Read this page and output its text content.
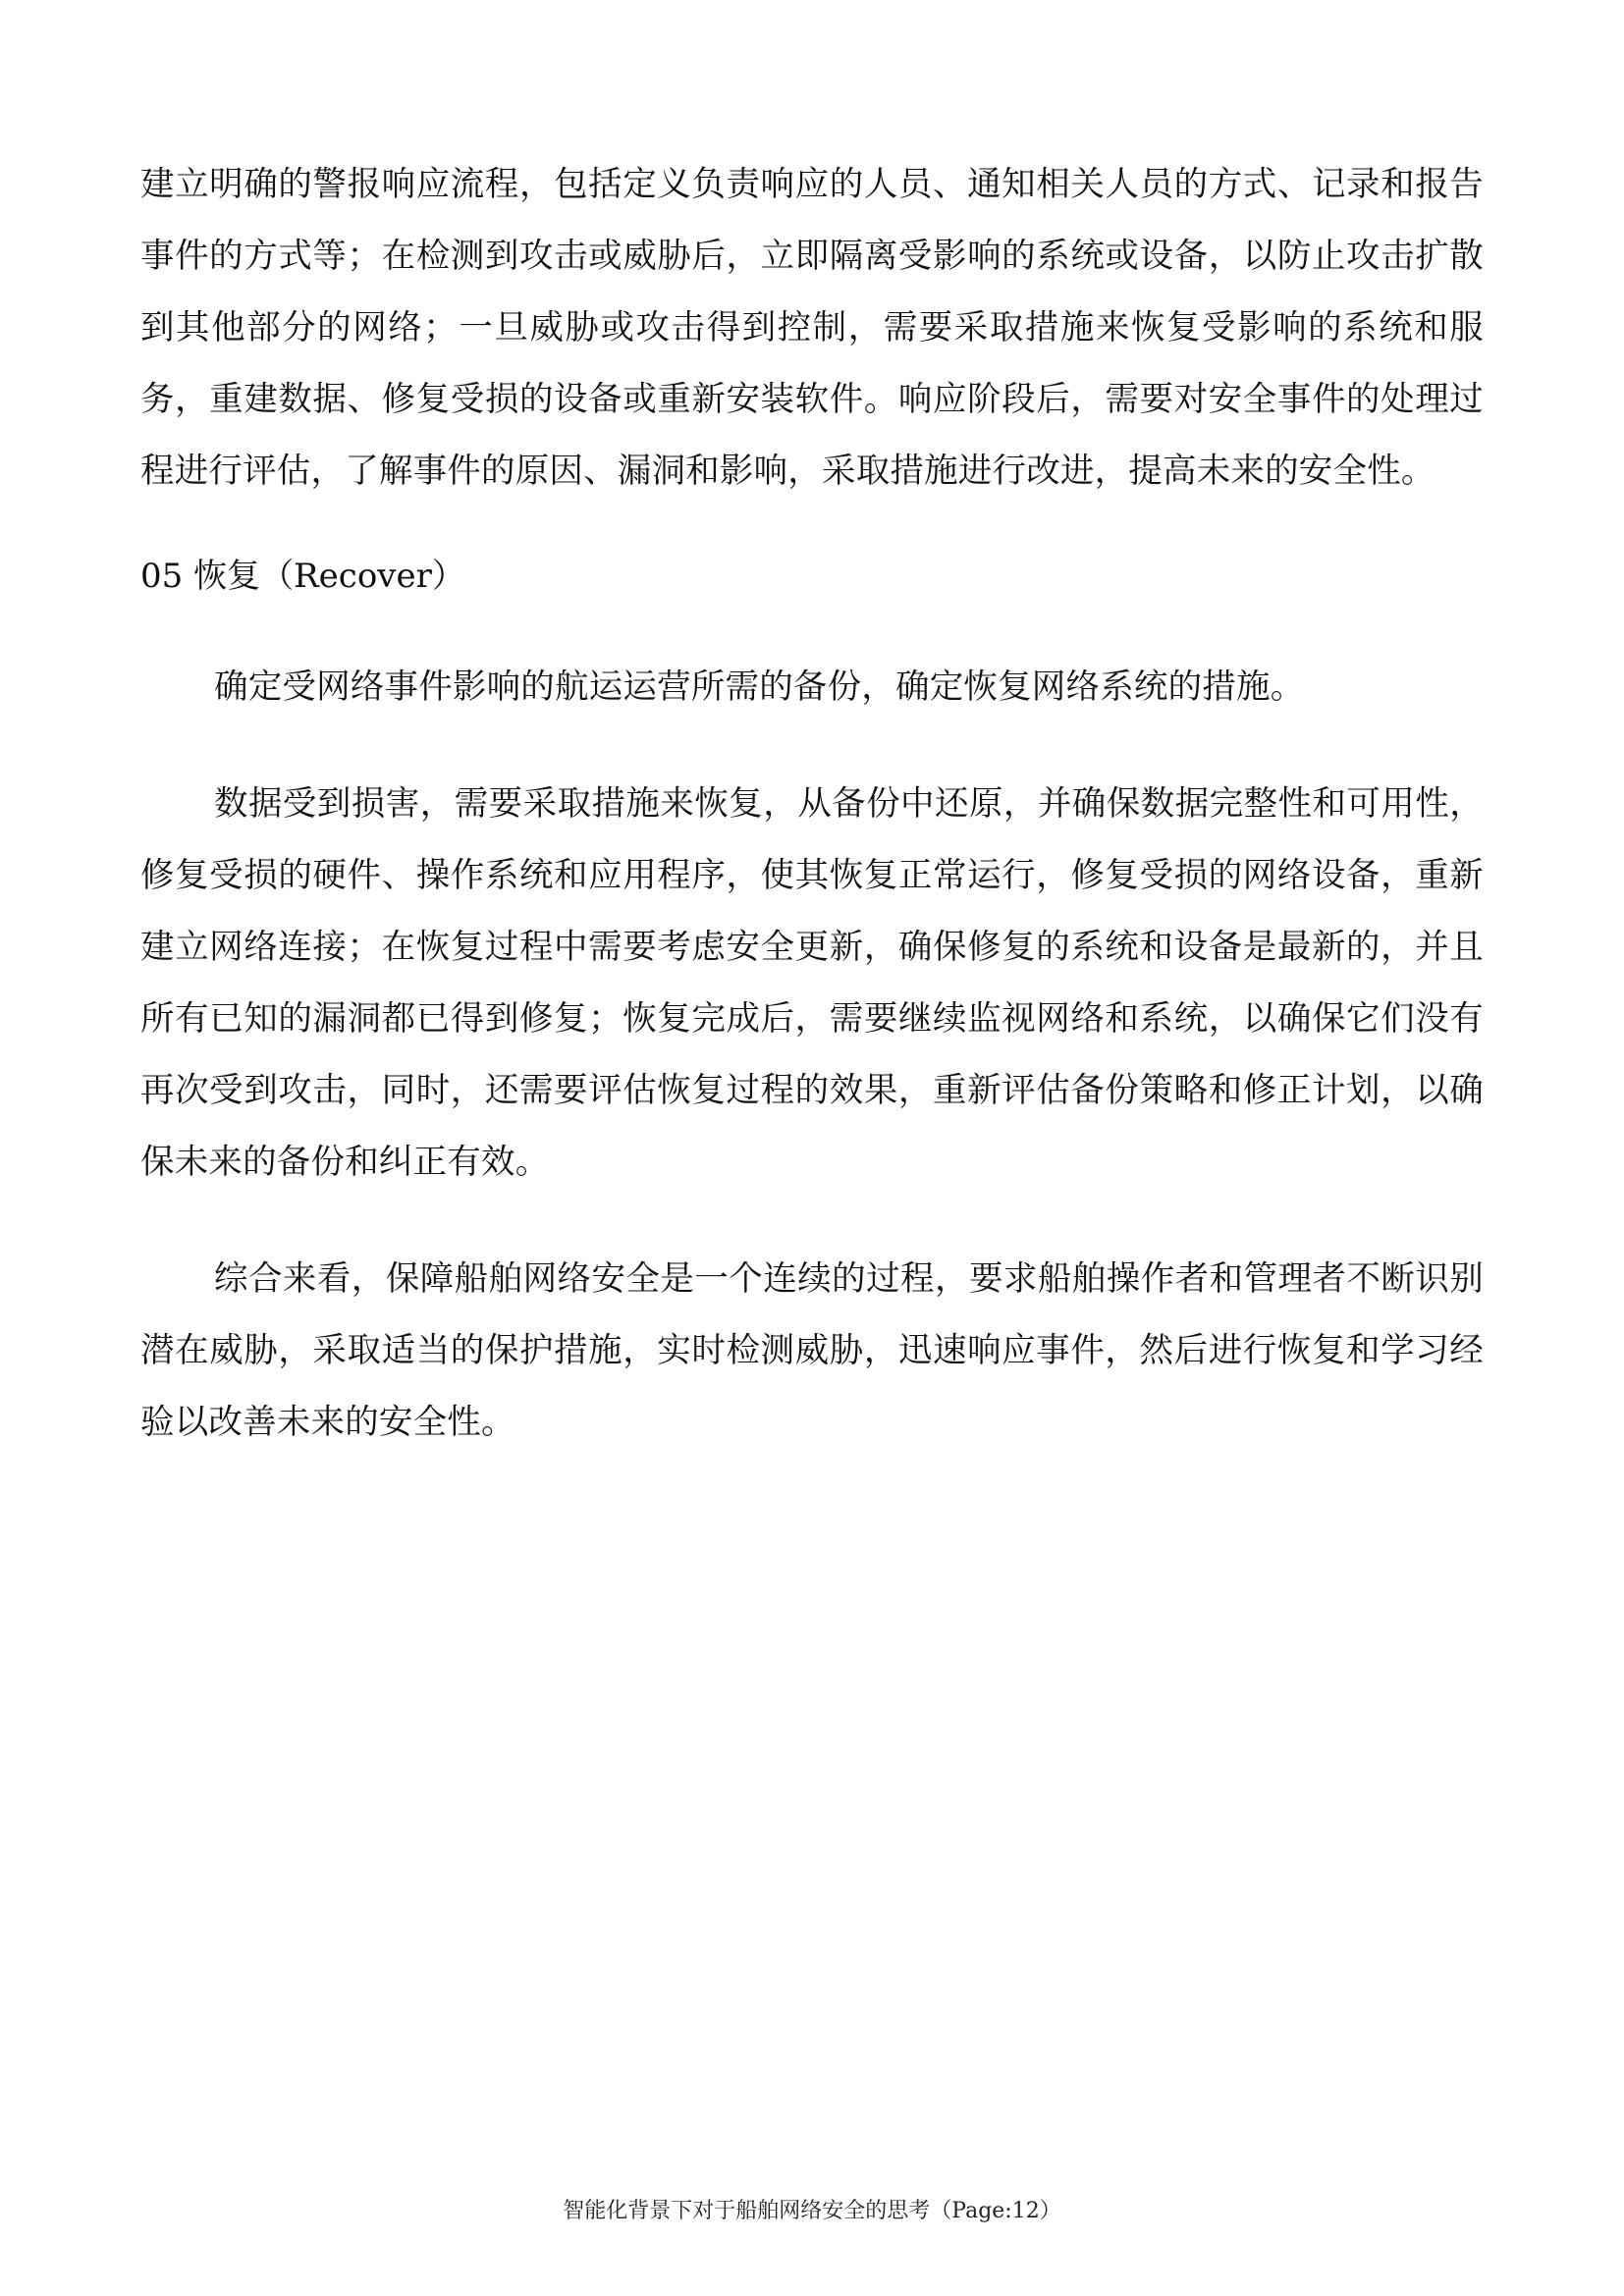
建立明确的警报响应流程，包括定义负责响应的人员、通知相关人员的方式、记录和报告事件的方式等；在检测到攻击或威胁后，立即隔离受影响的系统或设备，以防止攻击扩散到其他部分的网络；一旦威胁或攻击得到控制，需要采取措施来恢复受影响的系统和服务，重建数据、修复受损的设备或重新安装软件。响应阶段后，需要对安全事件的处理过程进行评估，了解事件的原因、漏洞和影响，采取措施进行改进，提高未来的安全性。

05 恢复（Recover）

确定受网络事件影响的航运运营所需的备份，确定恢复网络系统的措施。

数据受到损害，需要采取措施来恢复，从备份中还原，并确保数据完整性和可用性，修复受损的硬件、操作系统和应用程序，使其恢复正常运行，修复受损的网络设备，重新建立网络连接；在恢复过程中需要考虑安全更新，确保修复的系统和设备是最新的，并且所有已知的漏洞都已得到修复；恢复完成后，需要继续监视网络和系统，以确保它们没有再次受到攻击，同时，还需要评估恢复过程的效果，重新评估备份策略和修正计划，以确保未来的备份和纠正有效。

综合来看，保障船舶网络安全是一个连续的过程，要求船舶操作者和管理者不断识别潜在威胁，采取适当的保护措施，实时检测威胁，迅速响应事件，然后进行恢复和学习经验以改善未来的安全性。

智能化背景下对于船舶网络安全的思考（Page:12）
